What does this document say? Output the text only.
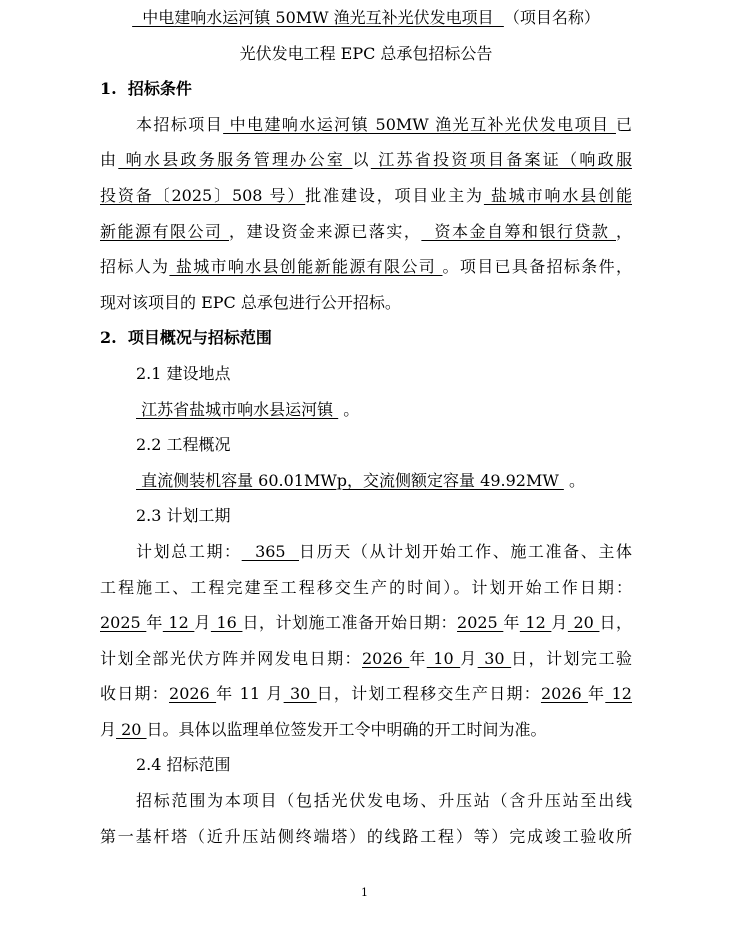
中电建响水运河镇 50MW 渔光互补光伏发电项目  （项目名称）
光伏发电工程 EPC 总承包招标公告
1.  招标条件
本招标项目 中电建响水运河镇 50MW 渔光互补光伏发电项目 已
由 响水县政务服务管理办公室 以 江苏省投资项目备案证（响政服
投资备〔2025〕508 号）批准建设，项目业主为 盐城市响水县创能
新能源有限公司 ，建设资金来源已落实，  资本金自筹和银行贷款 ，
招标人为 盐城市响水县创能新能源有限公司 。项目已具备招标条件，
现对该项目的 EPC 总承包进行公开招标。
2.  项目概况与招标范围
2.1 建设地点
江苏省盐城市响水县运河镇  。
2.2 工程概况
直流侧装机容量 60.01MWp，交流侧额定容量 49.92MW  。
2.3 计划工期
计划总工期：  365  日历天（从计划开始工作、施工准备、主体
工程施工、工程完建至工程移交生产的时间）。计划开始工作日期：
2025 年 12 月 16 日，计划施工准备开始日期：2025 年 12 月 20 日，
计划全部光伏方阵并网发电日期：2026 年 10 月 30 日，计划完工验
收日期：2026 年 11 月 30 日，计划工程移交生产日期：2026 年 12
月 20 日。具体以监理单位签发开工令中明确的开工时间为准。
2.4 招标范围
招标范围为本项目（包括光伏发电场、升压站（含升压站至出线
第一基杆塔（近升压站侧终端塔）的线路工程）等）完成竣工验收所
1
